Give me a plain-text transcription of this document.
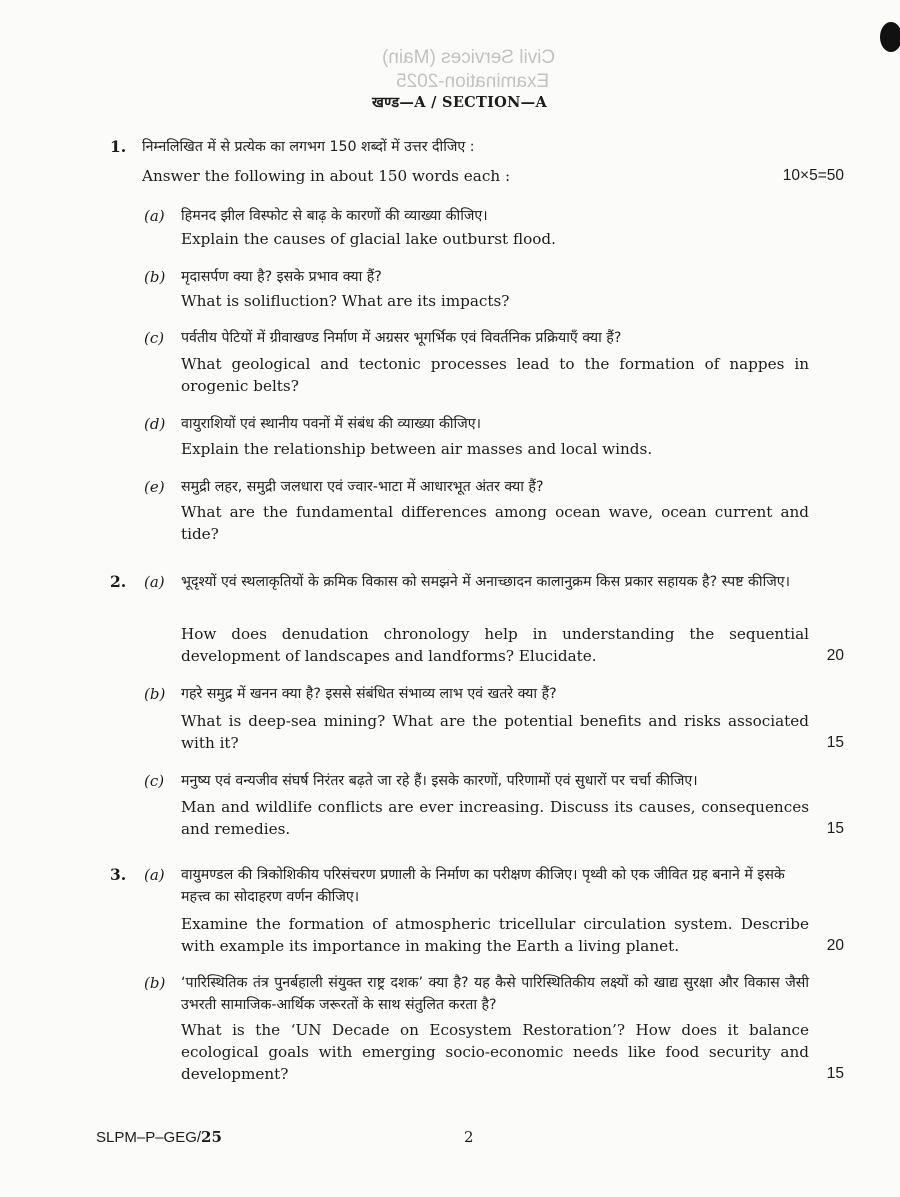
Civil Services (Main)
Examination-2025
खण्ड—A / SECTION—A
1. निम्नलिखित में से प्रत्येक का लगभग 150 शब्दों में उत्तर दीजिए :
Answer the following in about 150 words each :	10×5=50
(a) हिमनद झील विस्फोट से बाढ़ के कारणों की व्याख्या कीजिए।
Explain the causes of glacial lake outburst flood.
(b) मृदासर्पण क्या है? इसके प्रभाव क्या हैं?
What is solifluction? What are its impacts?
(c) पर्वतीय पेटियों में ग्रीवाखण्ड निर्माण में अग्रसर भूगर्भिक एवं विवर्तनिक प्रक्रियाएँ क्या हैं?
What geological and tectonic processes lead to the formation of nappes in orogenic belts?
(d) वायुराशियों एवं स्थानीय पवनों में संबंध की व्याख्या कीजिए।
Explain the relationship between air masses and local winds.
(e) समुद्री लहर, समुद्री जलधारा एवं ज्वार-भाटा में आधारभूत अंतर क्या हैं?
What are the fundamental differences among ocean wave, ocean current and tide?
2. (a) भूदृश्यों एवं स्थलाकृतियों के क्रमिक विकास को समझने में अनाच्छादन कालानुक्रम किस प्रकार सहायक है? स्पष्ट कीजिए।
How does denudation chronology help in understanding the sequential development of landscapes and landforms? Elucidate.	20
(b) गहरे समुद्र में खनन क्या है? इससे संबंधित संभाव्य लाभ एवं खतरे क्या हैं?
What is deep-sea mining? What are the potential benefits and risks associated with it?	15
(c) मनुष्य एवं वन्यजीव संघर्ष निरंतर बढ़ते जा रहे हैं। इसके कारणों, परिणामों एवं सुधारों पर चर्चा कीजिए।
Man and wildlife conflicts are ever increasing. Discuss its causes, consequences and remedies.	15
3. (a) वायुमण्डल की त्रिकोशिकीय परिसंचरण प्रणाली के निर्माण का परीक्षण कीजिए। पृथ्वी को एक जीवित ग्रह बनाने में इसके महत्त्व का सोदाहरण वर्णन कीजिए।
Examine the formation of atmospheric tricellular circulation system. Describe with example its importance in making the Earth a living planet.	20
(b) ‘पारिस्थितिक तंत्र पुनर्बहाली संयुक्त राष्ट्र दशक’ क्या है? यह कैसे पारिस्थितिकीय लक्ष्यों को खाद्य सुरक्षा और विकास जैसी उभरती सामाजिक-आर्थिक जरूरतों के साथ संतुलित करता है?
What is the ‘UN Decade on Ecosystem Restoration’? How does it balance ecological goals with emerging socio-economic needs like food security and development?	15
SLPM–P–GEG/25	2
